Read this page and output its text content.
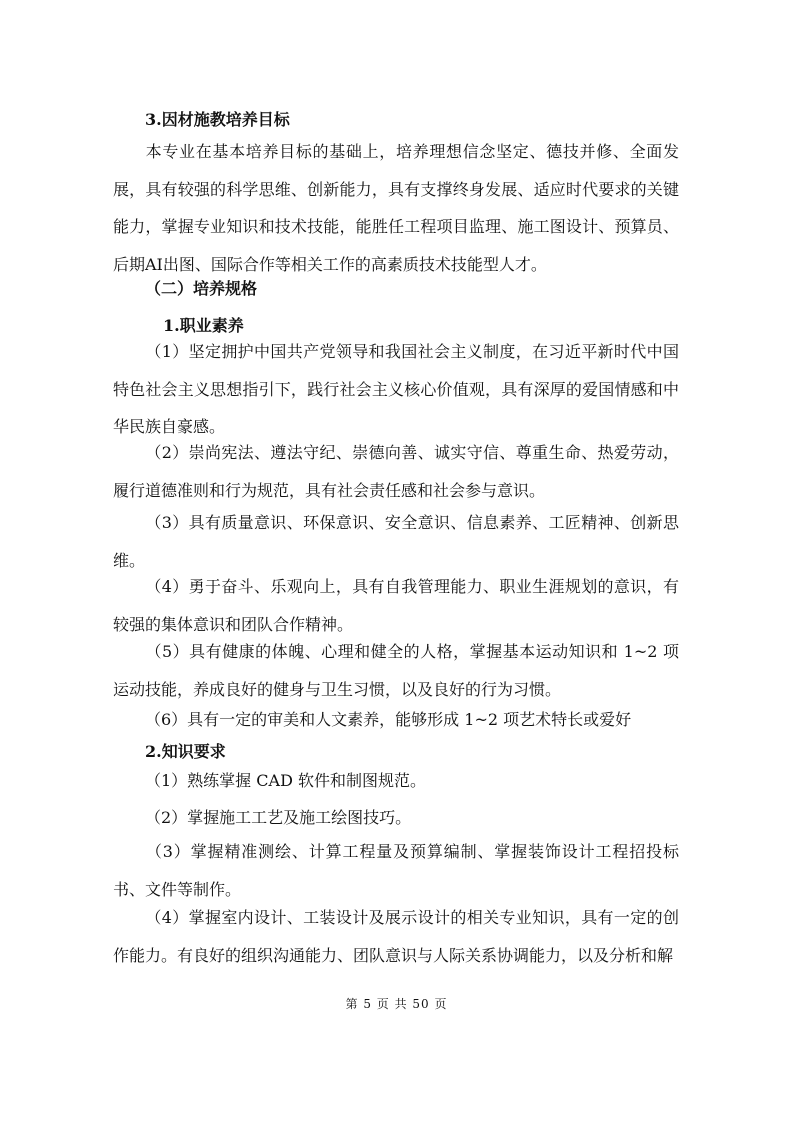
3.因材施教培养目标
本专业在基本培养目标的基础上，培养理想信念坚定、德技并修、全面发展，具有较强的科学思维、创新能力，具有支撑终身发展、适应时代要求的关键能力，掌握专业知识和技术技能，能胜任工程项目监理、施工图设计、预算员、后期AI出图、国际合作等相关工作的高素质技术技能型人才。
（二）培养规格
1.职业素养
（1）坚定拥护中国共产党领导和我国社会主义制度，在习近平新时代中国特色社会主义思想指引下，践行社会主义核心价值观，具有深厚的爱国情感和中华民族自豪感。
（2）崇尚宪法、遵法守纪、崇德向善、诚实守信、尊重生命、热爱劳动，履行道德准则和行为规范，具有社会责任感和社会参与意识。
（3）具有质量意识、环保意识、安全意识、信息素养、工匠精神、创新思维。
（4）勇于奋斗、乐观向上，具有自我管理能力、职业生涯规划的意识，有较强的集体意识和团队合作精神。
（5）具有健康的体魄、心理和健全的人格，掌握基本运动知识和 1~2 项运动技能，养成良好的健身与卫生习惯，以及良好的行为习惯。
（6）具有一定的审美和人文素养，能够形成 1~2 项艺术特长或爱好
2.知识要求
（1）熟练掌握 CAD 软件和制图规范。
（2）掌握施工工艺及施工绘图技巧。
（3）掌握精准测绘、计算工程量及预算编制、掌握装饰设计工程招投标书、文件等制作。
（4）掌握室内设计、工装设计及展示设计的相关专业知识，具有一定的创作能力。有良好的组织沟通能力、团队意识与人际关系协调能力，以及分析和解
第 5 页 共 50 页
